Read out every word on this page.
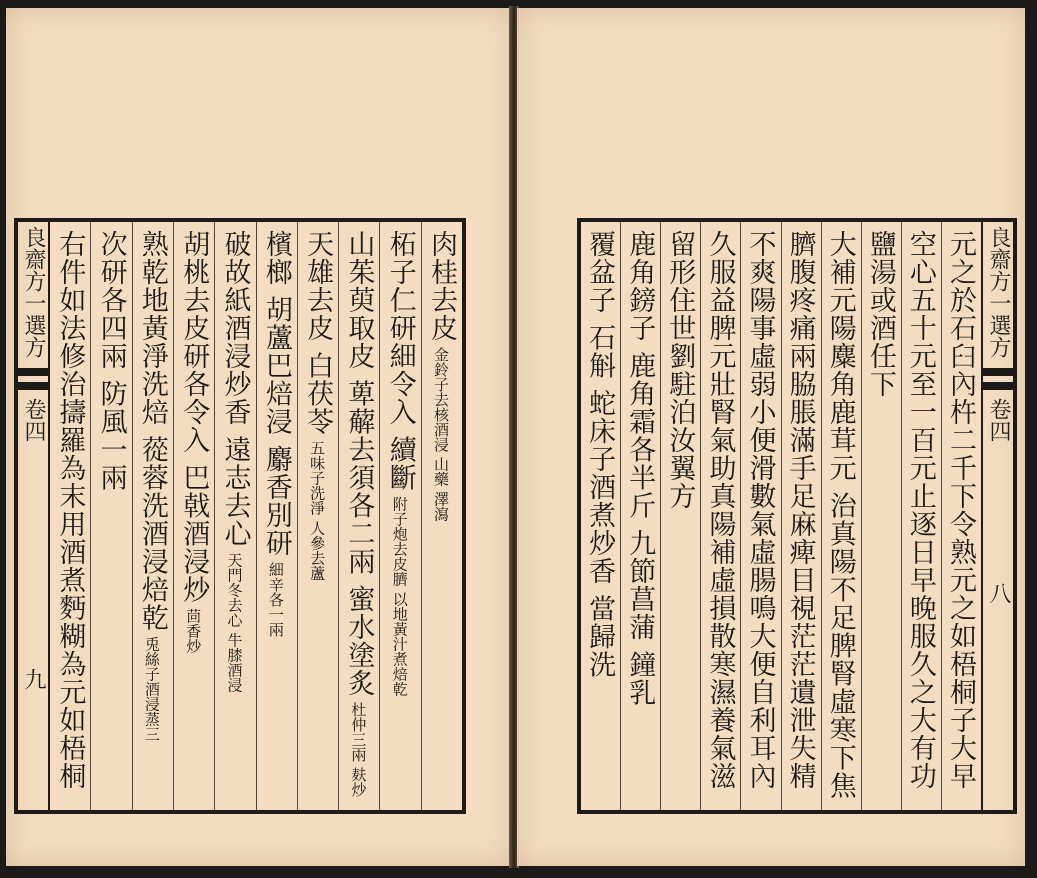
良齋方一選方
卷四
九
肉桂去皮 金鈴子去核酒浸 山藥 澤瀉
柘子仁研細令入 續斷 附子炮去皮臍 以地黃汁煮焙乾
山茱萸取皮 萆薢去須各二兩 蜜水塗炙 杜仲三兩 麸炒
天雄去皮 白茯苓 五味子洗淨 人參去蘆
檳榔 胡蘆巴焙浸 麝香別研 細辛各一兩
破故紙酒浸炒香 遠志去心 天門冬去心 牛膝酒浸
胡桃去皮研各令入 巴戟酒浸炒 茴香炒
熟乾地黃淨洗焙 蓯蓉洗酒浸焙乾 兎絲子酒浸蒸三
次研各四兩 防風一兩
右件如法修治擣羅為末用酒煮麪糊為元如梧桐
良齋方一選方
卷四
八
元之於石臼內杵二千下令熟元之如梧桐子大早
空心五十元至一百元止逐日早晚服久之大有功
鹽湯或酒任下
大補元陽麋角鹿茸元 治真陽不足脾腎虛寒下焦
臍腹疼痛兩脇脹滿手足麻痺目視茫茫遺泄失精
不爽陽事虛弱小便滑數氣虛腸鳴大便自利耳內
久服益脾元壯腎氣助真陽補虛損散寒濕養氣滋
留形住世劉駐泊汝翼方
鹿角鎊子 鹿角霜各半斤 九節菖蒲 鐘乳
覆盆子 石斛 蛇床子酒煮炒香 當歸洗
